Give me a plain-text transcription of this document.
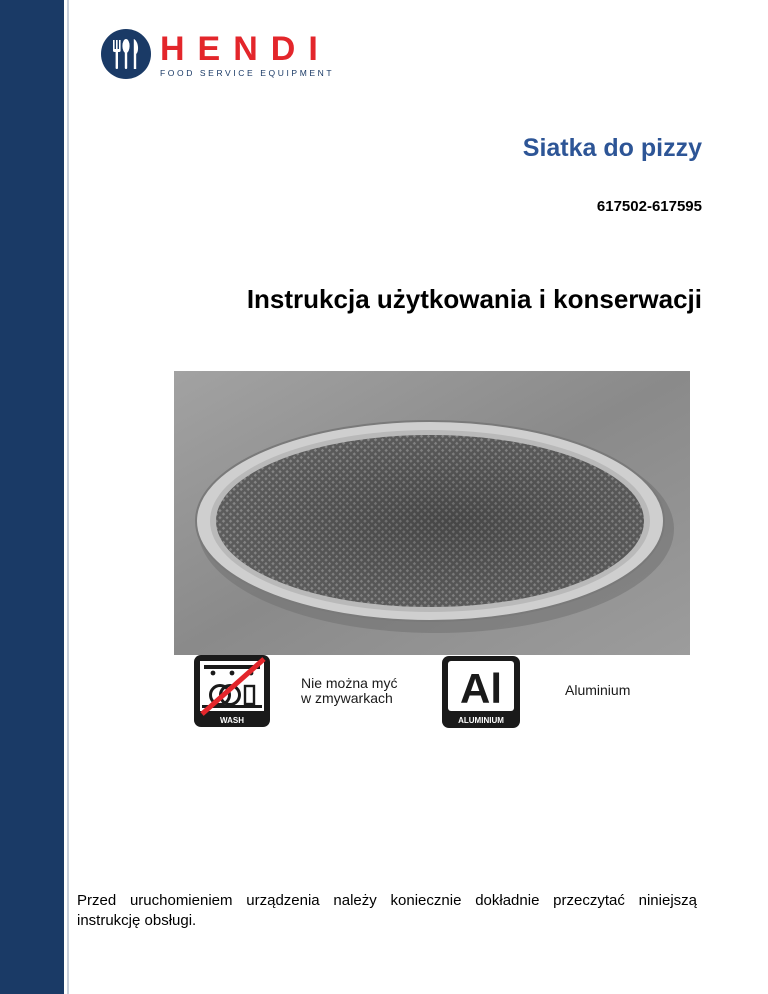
HENDI
FOOD SERVICE EQUIPMENT
Siatka do pizzy
617502-617595
Instrukcja użytkowania i konserwacji
WASH
Nie można myć
w zmywarkach	Al
ALUMINIUM
Aluminium
Przed uruchomieniem urządzenia należy koniecznie dokładnie przeczytać niniejszą instrukcję obsługi.
